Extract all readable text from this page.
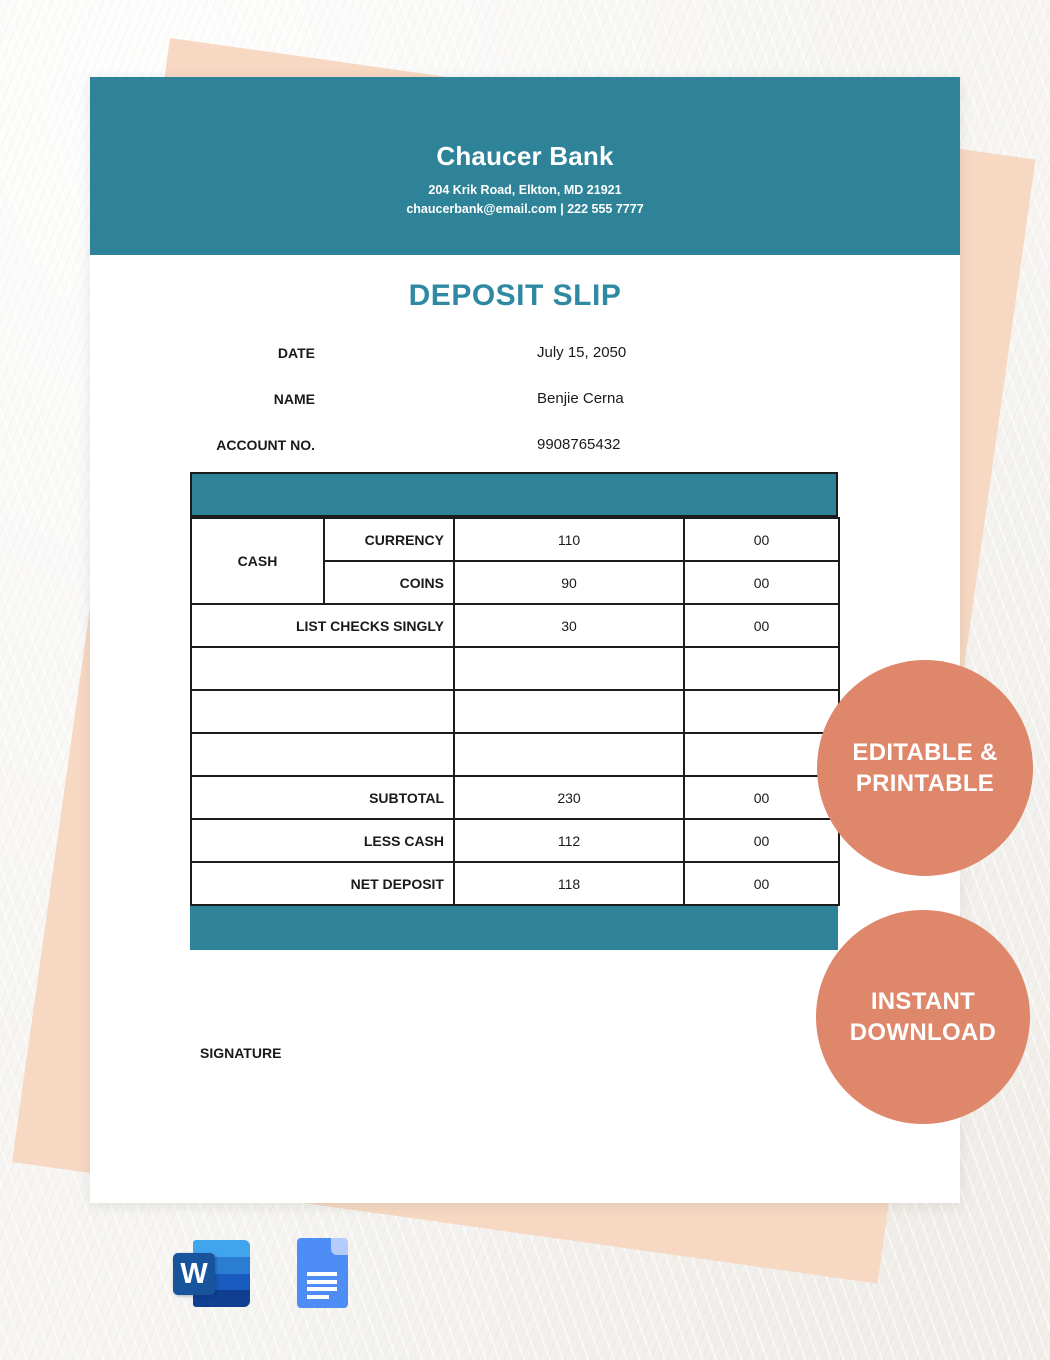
Chaucer Bank
204 Krik Road, Elkton, MD 21921
chaucerbank@email.com | 222 555 7777
DEPOSIT SLIP
DATE	July 15, 2050
NAME	Benjie Cerna
ACCOUNT NO.	9908765432
CASH	CURRENCY	110	00
	COINS	90	00
LIST CHECKS SINGLY		30	00

SUBTOTAL		230	00
LESS CASH		112	00
NET DEPOSIT		118	00
SIGNATURE
EDITABLE &
PRINTABLE
INSTANT
DOWNLOAD
W
